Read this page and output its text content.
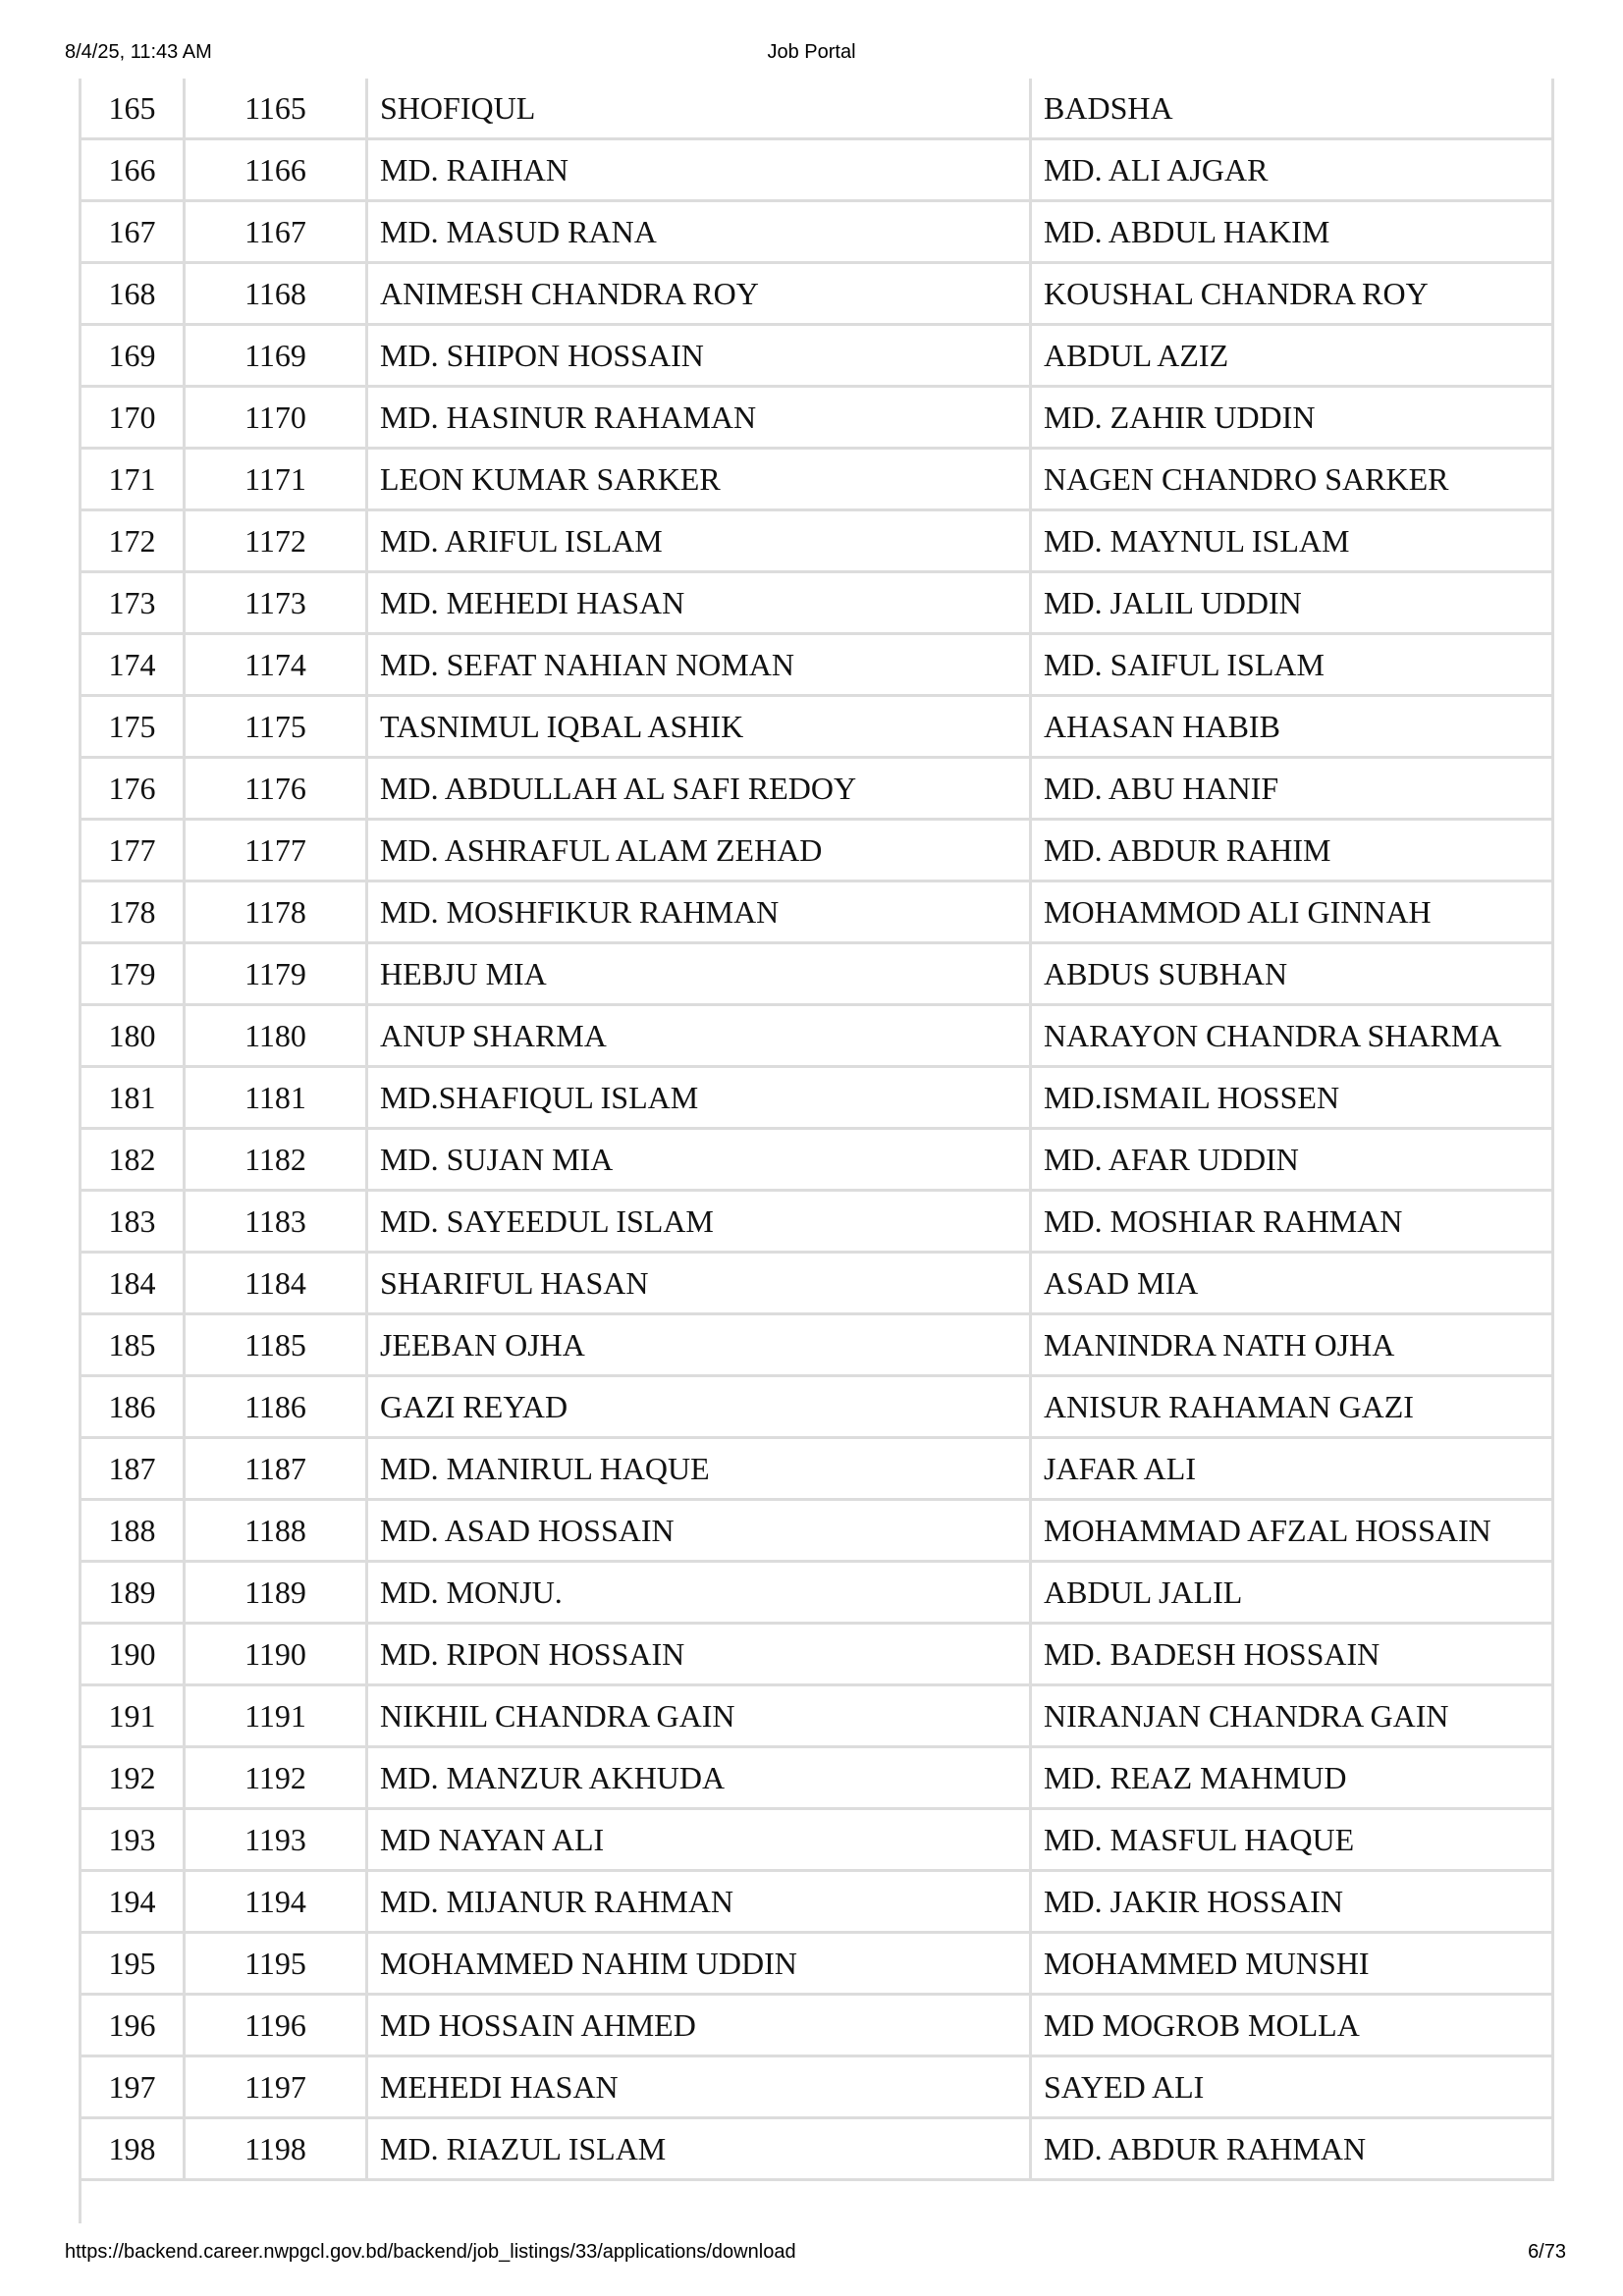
8/4/25, 11:43 AM	Job Portal
165	1165	SHOFIQUL	BADSHA
166	1166	MD. RAIHAN	MD. ALI AJGAR
167	1167	MD. MASUD RANA	MD. ABDUL HAKIM
168	1168	ANIMESH CHANDRA ROY	KOUSHAL CHANDRA ROY
169	1169	MD. SHIPON HOSSAIN	ABDUL AZIZ
170	1170	MD. HASINUR RAHAMAN	MD. ZAHIR UDDIN
171	1171	LEON KUMAR SARKER	NAGEN CHANDRO SARKER
172	1172	MD. ARIFUL ISLAM	MD. MAYNUL ISLAM
173	1173	MD. MEHEDI HASAN	MD. JALIL UDDIN
174	1174	MD. SEFAT NAHIAN NOMAN	MD. SAIFUL ISLAM
175	1175	TASNIMUL IQBAL ASHIK	AHASAN HABIB
176	1176	MD. ABDULLAH AL SAFI REDOY	MD. ABU HANIF
177	1177	MD. ASHRAFUL ALAM ZEHAD	MD. ABDUR RAHIM
178	1178	MD. MOSHFIKUR RAHMAN	MOHAMMOD ALI GINNAH
179	1179	HEBJU MIA	ABDUS SUBHAN
180	1180	ANUP SHARMA	NARAYON CHANDRA SHARMA
181	1181	MD.SHAFIQUL ISLAM	MD.ISMAIL HOSSEN
182	1182	MD. SUJAN MIA	MD. AFAR UDDIN
183	1183	MD. SAYEEDUL ISLAM	MD. MOSHIAR RAHMAN
184	1184	SHARIFUL HASAN	ASAD MIA
185	1185	JEEBAN OJHA	MANINDRA NATH OJHA
186	1186	GAZI REYAD	ANISUR RAHAMAN GAZI
187	1187	MD. MANIRUL HAQUE	JAFAR ALI
188	1188	MD. ASAD HOSSAIN	MOHAMMAD AFZAL HOSSAIN
189	1189	MD. MONJU.	ABDUL JALIL
190	1190	MD. RIPON HOSSAIN	MD. BADESH HOSSAIN
191	1191	NIKHIL CHANDRA GAIN	NIRANJAN CHANDRA GAIN
192	1192	MD. MANZUR AKHUDA	MD. REAZ MAHMUD
193	1193	MD NAYAN ALI	MD. MASFUL HAQUE
194	1194	MD. MIJANUR RAHMAN	MD. JAKIR HOSSAIN
195	1195	MOHAMMED NAHIM UDDIN	MOHAMMED MUNSHI
196	1196	MD HOSSAIN AHMED	MD MOGROB MOLLA
197	1197	MEHEDI HASAN	SAYED ALI
198	1198	MD. RIAZUL ISLAM	MD. ABDUR RAHMAN
https://backend.career.nwpgcl.gov.bd/backend/job_listings/33/applications/download	6/73
